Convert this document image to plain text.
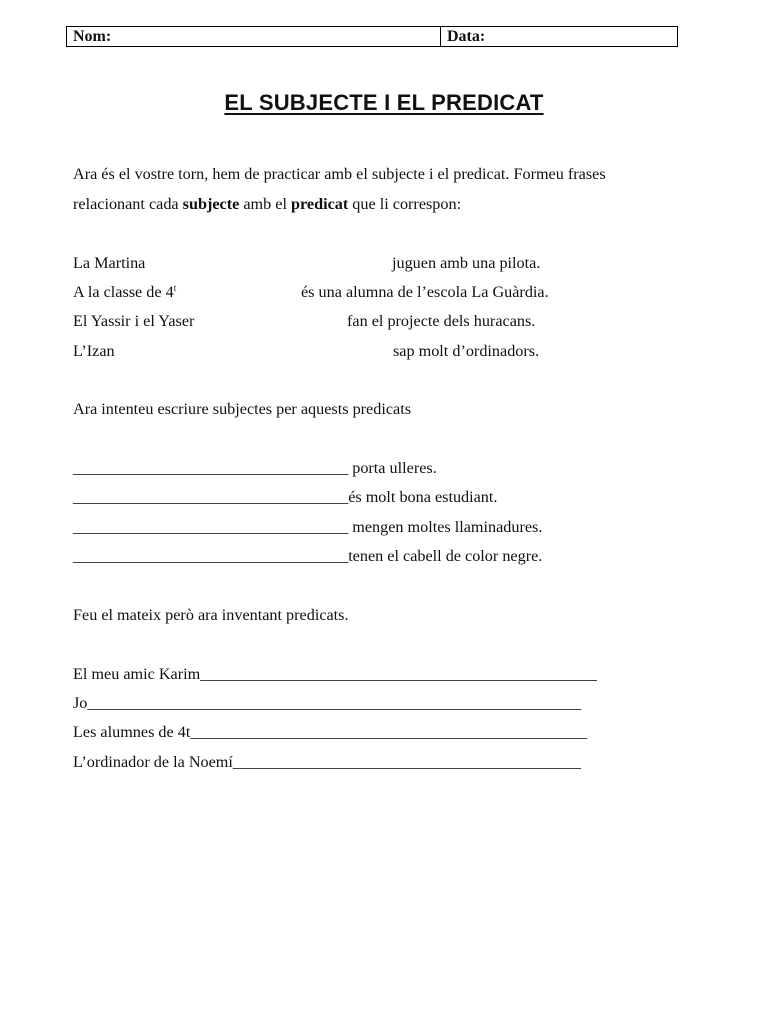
Nom:	Data:
EL SUBJECTE I EL PREDICAT
Ara és el vostre torn, hem de practicar amb el subjecte i el predicat. Formeu frases
relacionant cada subjecte amb el predicat que li correspon:
La Martina
A la classe de 4$^t$
El Yassir i el Yaser
L’Izan
juguen amb una pilota.
és una alumna de l’escola La Guàrdia.
fan el projecte dels huracans.
sap molt d’ordinadors.
Ara intenteu escriure subjectes per aquests predicats
__________________________________ porta ulleres.
__________________________________és molt bona estudiant.
__________________________________ mengen moltes llaminadures.
__________________________________tenen el cabell de color negre.
Feu el mateix però ara inventant predicats.
El meu amic Karim_________________________________________________
Jo_____________________________________________________________
Les alumnes de 4t_________________________________________________
L’ordinador de la Noemí___________________________________________
